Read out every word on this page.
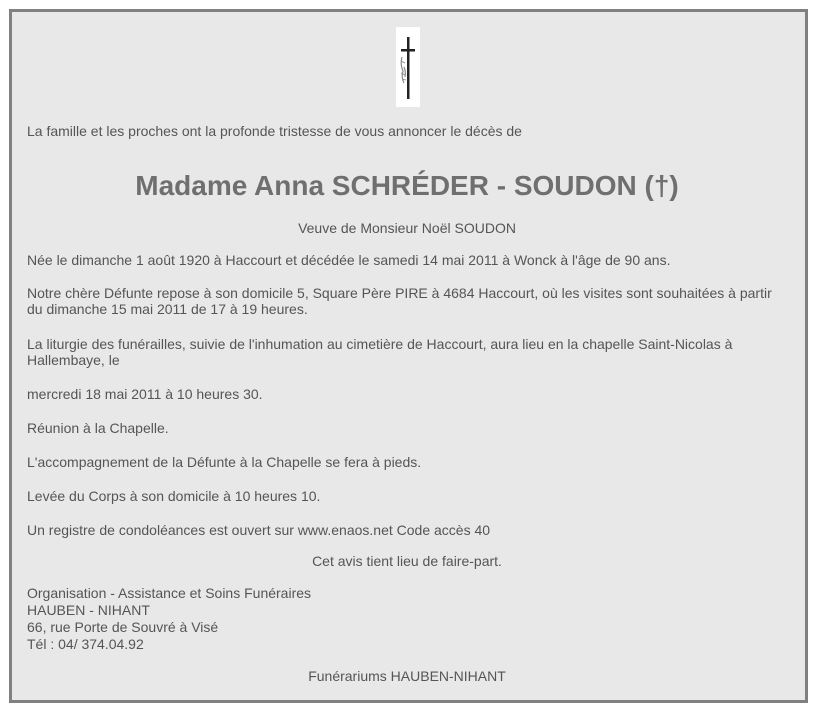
La famille et les proches ont la profonde tristesse de vous annoncer le décès de

Madame Anna SCHRÉDER - SOUDON (†)

Veuve de Monsieur Noël SOUDON

Née le dimanche 1 août 1920 à Haccourt et décédée le samedi 14 mai 2011 à Wonck à l'âge de 90 ans.

Notre chère Défunte repose à son domicile 5, Square Père PIRE à 4684 Haccourt, où les visites sont souhaitées à partir du dimanche 15 mai 2011 de 17 à 19 heures.

La liturgie des funérailles, suivie de l'inhumation au cimetière de Haccourt, aura lieu en la chapelle Saint-Nicolas à Hallembaye, le

mercredi 18 mai 2011 à 10 heures 30.

Réunion à la Chapelle.

L'accompagnement de la Défunte à la Chapelle se fera à pieds.

Levée du Corps à son domicile à 10 heures 10.

Un registre de condoléances est ouvert sur www.enaos.net Code accès 40

Cet avis tient lieu de faire-part.

Organisation - Assistance et Soins Funéraires

HAUBEN - NIHANT

66, rue Porte de Souvré à Visé

Tél : 04/ 374.04.92

Funérariums HAUBEN-NIHANT
